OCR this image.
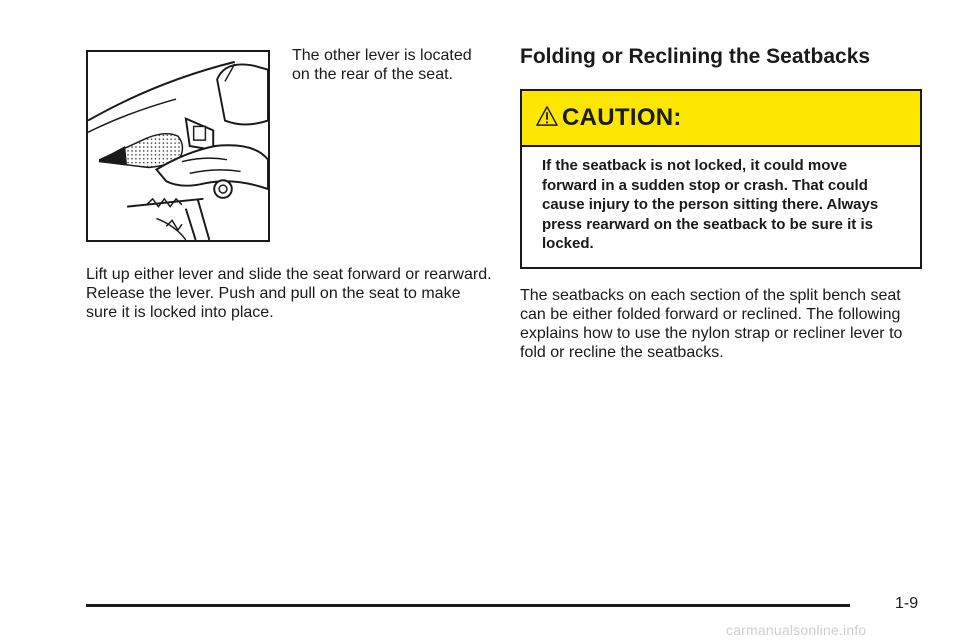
The other lever is located on the rear of the seat.
Lift up either lever and slide the seat forward or rearward. Release the lever. Push and pull on the seat to make sure it is locked into place.
Folding or Reclining the Seatbacks
CAUTION:
If the seatback is not locked, it could move forward in a sudden stop or crash. That could cause injury to the person sitting there. Always press rearward on the seatback to be sure it is locked.
The seatbacks on each section of the split bench seat can be either folded forward or reclined. The following explains how to use the nylon strap or recliner lever to fold or recline the seatbacks.
1-9
carmanualsonline.info
